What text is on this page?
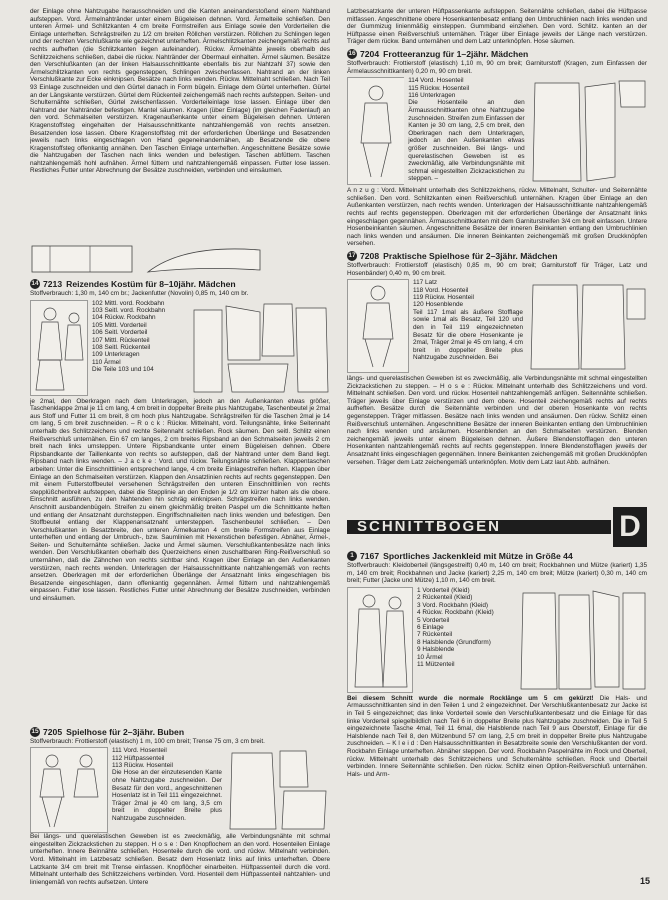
der Einlage ohne Nahtzugabe herausschneiden und die Kanten aneinanderstoßend einem Nahtband aufsteppen. Vord. Ärmelnahtränder unter einem Bügeleisen dehnen. Vord. Ärmelteile schließen. Den unteren Ärmel- und Schlitzkanten 4 cm breite Formstreifen aus Einlage sowie den Vorderteilen die Einlage unterheften. Schrägstreifen zu 1/2 cm breiten Röllchen verstürzen. Röllchen zu Schlingen legen und der rechten Verschlußkante wie gezeichnet unterheften. Ärmelschlitzkanten zeichengemäß rechts auf rechts aufheften (die Schlitzkanten liegen aufeinander). Rückw. Ärmelnähte jeweils oberhalb des Schlitzzeichens schließen, dabei die rückw. Nahtränder der Obermaul einhalten. Ärmel säumen. Besätze den Verschlußkanten (an der linken Halsausschnittkante ebenfalls bis zur Nahtzahl 37) sowie den Ärmelschlitzkanten von rechts gegensteppen, Schlingen zwischenfassen. Nahtrand an der linken Verschlußkante zur Ecke einknipsen. Besätze nach links wenden. Rückw. Mittelnaht schließen. Nach Teil 93 Einlage zuschneiden und den Gürtel danach in Form bügeln. Einlage dem Gürtel unterheften. Gürtel an der Längskante verstürzen. Gürtel dem Rückenteil zeichengemäß nach rechts aufsteppen. Seiten- und Schulternähte schließen, Gürtel zwischenfassen. Vorderteileinlage lose lassen. Einlage über den Nahtrand der Nahtränder befestigen. Mantel säumen. Kragen (über Einlage) (im gleichen Fadenlauf) an den vord. Schmalseiten verstürzen. Kragenaußenkante unter einem Bügeleisen dehnen. Unteren Kragenstoffsteg eingehalten der Halsausschnittkante nahtzahlengemäß von rechts ansetzen. Besatzenden lose lassen. Obere Kragenstoffsteg mit der erforderlichen Überlänge und Besatzenden jeweils nach links eingeschlagen von Hand gegeneinandernähen, ab Besatzende die obere Kragenstoffsteg offenkantig annähen. Den Taschen Einlage unterheften. Angeschnittene Besätze sowie die Nahtzugaben der Taschen nach links wenden und befestigen. Taschen abfüttern. Taschen nahtzahlengemäß hohl aufnähen. Ärmel füttern und nahtzahlengemäß einpassen. Futter lose lassen. Restliches Futter unter Abrechnung der Besätze zuschneiden, verbinden und einsäumen.

14 7213 Reizendes Kostüm für 8–10jähr. Mädchen

Stoffverbrauch: 1,30 m, 140 cm br.; Jackenfutter (Novolin) 0,85 m, 140 cm br.

102 Mittl. vord. Rockbahn
103 Seitl. vord. Rockbahn
104 Rückw. Rockbahn
105 Mittl. Vorderteil
106 Seitl. Vorderteil
107 Mittl. Rückenteil
108 Seitl. Rückenteil
109 Unterkragen
110 Ärmel
Die Teile 103 und 104

je 2mal, den Oberkragen nach dem Unterkragen, jedoch an den Außenkanten etwas größer, Taschenklappe 2mal je 11 cm lang, 4 cm breit in doppelter Breite plus Nahtzugabe, Taschenbeutel je 2mal aus Stoff und Futter 11 cm breit, 8 cm hoch plus Nahtzugabe. Schrägstreifen für die Taschen 2mal je 14 cm lang, 5 cm breit zuschneiden. – R o c k : Rückw. Mittelnaht, vord. Teilungsnähte, linke Seitennaht unterhalb des Schlitzzeichens und rechte Seitennaht schließen. Rock säumen. Den seitl. Schlitz einen Reißverschluß unternähen. Ein 67 cm langes, 2 cm breites Ripsband an den Schmalseiten jeweils 2 cm breit nach links umsteppen. Untere Ripsbandkante unter einem Bügeleisen dehnen. Obere Ripsbandkante der Taillenkante von rechts so aufsteppen, daß der Nahtrand unter dem Band liegt. Ripsband nach links wenden. – J a c k e : Vord. und rückw. Teilungsnähte schließen. Klappentaschen arbeiten: Unter die Einschnittlinien entsprechend lange, 4 cm breite Einlagestreifen heften. Klappen über Einlage an den Schmalseiten verstürzen. Klappen den Ansatzlinien rechts auf rechts gegensteppen. Den mit einem Futterstoffbeutel versehenen Schrägstreifen den unteren Einschnittlinien von rechts stepplüßchenbreit aufsteppen, dabei die Stepplinie an den Enden je 1/2 cm kürzer halten als die obere. Einschnitt ausführen, zu den Nahtenden hin schräg einknipsen. Schrägstreifen nach links wenden. Anschnitt ausbandenbügeln. Streifen zu einem gleichmäßig breiten Paspel um die Schnittkante heften und entlang der Ansatznaht durchsteppen. Eingriffschnalleiten nach links wenden und befestigen. Den Stoffbeutel entlang der Klappenansatznaht untersteppen. Taschenbeutel schließen. – Den Verschlußkanten in Besatzbreite, den unteren Ärmelkanten 4 cm breite Formstreifen aus Einlage unterheften und entlang der Umbruch-, bzw. Saumlinien mit Hexenstichen befestigen. Abnäher, Ärmel-, Seiten- und Schulternähte schließen. Jacke und Ärmel säumen. Verschlußkantenbesätze nach links wenden. Den Verschlußkanten oberhalb des Querzeichens einen zuschaltbaren Ring-Reißverschluß so unternähen, daß die Zähnchen von rechts sichtbar sind. Kragen über Einlage an den Außenkanten verstürzen, nach rechts wenden. Unterkragen der Halsausschnittkante nahtzahlengemäß von rechts ansetzen. Oberkragen mit der erforderlichen Überlänge der Ansatznaht links eingeschlagen bis Besatzende eingeschlagen, dann offenkantig gegennähen. Ärmel füttern und nahtzahlengemäß einpassen. Futter lose lassen. Restliches Futter unter Abrechnung der Besätze zuschneiden, verbinden und einsäumen.

15 7205 Spielhose für 2–3jähr. Buben

Stoffverbrauch: Frottierstoff (elastisch) 1 m, 100 cm breit; Trense 75 cm, 3 cm breit.

111 Vord. Hosenteil
112 Hüftpassenteil
113 Rückw. Hosenteil

Die Hose an der einzutesenden Kante ohne Nahtzugabe zuschneiden. Der Besatz für den vord., angeschnittenen Hosenlatz ist in Teil 111 eingezeichnet. Träger 2mal je 40 cm lang, 3,5 cm breit in doppelter Breite plus Nahtzugabe zuschneiden.

Bei längs- und querelastischen Geweben ist es zweckmäßig, alle Verbindungsnähte mit schmal eingestellten Zickzackstichen zu steppen. H o s e : Den Knopflochern an den vord. Hosenteilen Einlage unterheften. Innere Beinnähte schließen. Hosenteile durch die vord. und rückw. Mittelnaht verbinden. Vord. Mittelnaht im Latzbesatz schließen. Besatz dem Hosenlatz links auf links unterheften. Obere Latzkante 3/4 cm breit mit Trense einfassen. Knopflöcher einarbeiten. Hüftpassenteil durch die vord. Mittelnaht unterhalb des Schlitzzeichens verbinden. Vord. Hosenteil dem Hüftpassenteil nahtzahlen- und liniengemäß von rechts aufsetzen. Untere

Latzbesatzkante der unteren Hüftpassenkante aufsteppen. Seitennähte schließen, dabei die Hüftpasse mitfassen. Angeschnittene obere Hosenkantenbesatz entlang den Umbruchlinien nach links wenden und der Gummizug linienmäßig einsteppen. Gummiband einziehen. Den vord. Schlitz. kanten an der Hüftpasse einen Reißverschluß unternähen. Träger über Einlage jeweils der Länge nach verstürzen. Träger dem rückw. Band unternähen und dem Latz unterknöpfen. Hose säumen.

16 7204 Frotteeranzug für 1–2jähr. Mädchen

Stoffverbrauch: Frottierstoff (elastisch) 1,10 m, 90 cm breit; Garniturstoff (Kragen, zum Einfassen der Ärmelausschnittkanten) 0,20 m, 90 cm breit.

114 Vord. Hosenteil
115 Rückw. Hosenteil
116 Unterkragen

Die Hosenteile an den Ärmausschnittkanten ohne Nahtzugabe zuschneiden. Streifen zum Einfassen der Kanten je 30 cm lang, 2,5 cm breit, den Oberkragen nach dem Unterkragen, jedoch an den Außenkanten etwas größer zuschneiden. Bei längs- und querelastischen Geweben ist es zweckmäßig, alle Verbindungsnähte mit schmal eingestellten Zickzackstichen zu steppen. –

A n z u g : Vord. Mittelnaht unterhalb des Schlitzzeichens, rückw. Mittelnaht, Schulter- und Seitennähte schließen. Den vord. Schlitzkanten einen Reißverschluß unternähen. Kragen über Einlage an den Außenkanten verstürzen, nach rechts wenden. Unterkragen der Halsausschnittkante nahtzahlengemäß rechts auf rechts gegensteppen. Oberkragen mit der erforderlichen Überlänge der Ansatznaht links eingeschlagen gegennähen. Ärmausschnittkanten mit dem Garniturstreifen 3/4 cm breit einfassen. Untere Hosenbeinkanten säumen. Angeschnittene Besätze der inneren Beinkanten entlang den Umbruchlinien nach links wenden und ansäumen. Die inneren Beinkanten zeichengemäß mit großen Druckknöpfen versehen.

17 7208 Praktische Spielhose für 2–3jähr. Mädchen

Stoffverbrauch: Frottierstoff (elastisch) 0,85 m, 90 cm breit; Garniturstoff für Träger, Latz und Hosenbänder) 0,40 m, 90 cm breit.

117 Latz
118 Vord. Hosenteil
119 Rückw. Hosenteil
120 Hosenblende

Teil 117 1mal als äußere Stofflage sowie 1mal als Besatz, Teil 120 und den in Teil 119 eingezeichneten Besatz für die obere Hosenkante je 2mal, Träger 2mal je 45 cm lang, 4 cm breit in doppelter Breite plus Nahtzugabe zuschneiden. Bei

längs- und querelastischen Geweben ist es zweckmäßig, alle Verbindungsnähte mit schmal eingestellten Zickzackstichen zu steppen. – H o s e : Rückw. Mittelnaht unterhalb des Schlitzzeichens und vord. Mittelnaht schließen. Den vord. und rückw. Hosenteil nahtzahlengemäß anfügen. Seitennähte schließen. Träger jeweils über Einlage verstürzen und dem obere. Hosenteil zeichengemäß rechts auf rechts aufheften. Besätze durch die Seitennähte verbinden und der oberen Hosenkante von rechts gegensteppen. Träger mitfassen. Besätze nach links wenden und ansäumen. Den rückw. Schlitz einen Reißverschluß unternähen. Angeschnittene Besätze der inneren Beinkanten entlang den Umbruchlinien nach links wenden und ansäumen. Hosenblenden an den Schmalseiten verstürzen. Blenden zeichengemäß jeweils unter einem Bügeleisen dehnen. Äußere Blendenstofflagen den unteren Hosenkanten nahtzahlengemäß rechts auf rechts gegensteppen. Innere Blendenstofflagen jeweils der Ansatznaht links eingeschlagen gegennähen. Innere Beinkanten zeichengemäß mit großen Druckknöpfen versehen. Träger dem Latz zeichengemäß unterknöpfen. Motiv dem Latz laut Abb. aufnähen.

SCHNITTBOGEN	D
1 7167 Sportliches Jackenkleid mit Mütze in Größe 44

Stoffverbrauch: Kleidoberteil (längsgestreift) 0,40 m, 140 cm breit; Rockbahnen und Mütze (kariert) 1,35 m, 140 cm breit; Rockbahnen und Jacke (kariert) 2,25 m, 140 cm breit; Mütze (kariert) 0,30 m, 140 cm breit; Futter (Jacke und Mütze) 1,10 m, 140 cm breit.

1 Vorderteil (Kleid)
2 Rückenteil (Kleid)
3 Vord. Rockbahn (Kleid)
4 Rückw. Rockbahn (Kleid)
5 Vorderteil
6 Einlage
7 Rückenteil
8 Halsblende (Grundform)
9 Halsblende
10 Ärmel
11 Mützenteil

Bei diesem Schnitt wurde die normale Rocklänge um 5 cm gekürzt! Die Hals- und Armausschnittkanten sind in den Teilen 1 und 2 eingezeichnet. Der Verschlußkantenbesatz zur Jacke ist in Teil 5 eingezeichnet; das linke Vorderteil sowie den Verschlußkantenbesatz und die Einlage für das linke Vorderteil spiegelbildlich nach Teil 6 in doppelter Breite plus Nahtzugabe zuschneiden. Die in Teil 5 eingezeichnete Tasche 4mal, Teil 11 6mal, die Halsblende nach Teil 9 aus Oberstoff, Einlage für die Halsblende nach Teil 8, den Mützenbund 57 cm lang, 2,5 cm breit in doppelter Breite plus Nahtzugabe zuschneiden. – K l e i d : Den Halsausschnittkanten in Besatzbreite sowie den Verschlußkanten der vord. Rockbahn Einlage unterheften. Abnäher steppen. Der vord. Rockbahn Paspelnähte im Rock und Oberteil, rückw. Mittelnaht unterhalb des Schlitzzeichens und Schulternähte schließen. Rock und Oberteil verbinden. Innere Seitennähte schließen. Den rückw. Schlitz einen Optilon-Reißverschluß unternähen. Hals- und Arm-

15
